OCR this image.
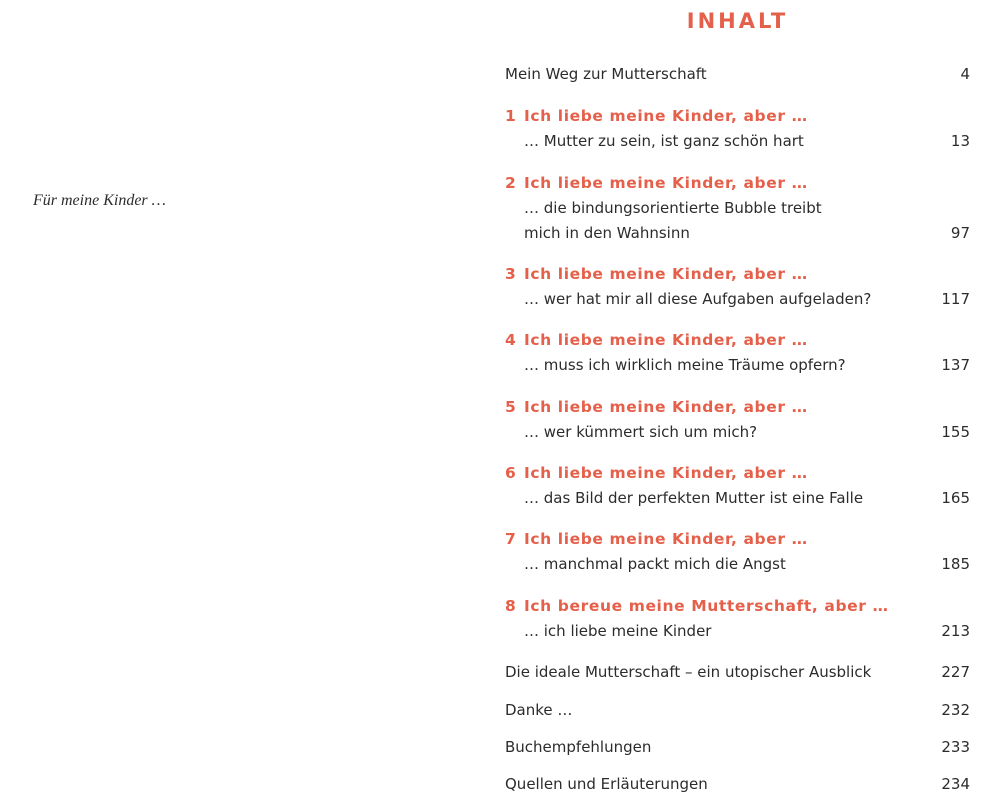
Für meine Kinder …
INHALT
Mein Weg zur Mutterschaft	4
1 Ich liebe meine Kinder, aber …
… Mutter zu sein, ist ganz schön hart	13
2 Ich liebe meine Kinder, aber …
… die bindungsorientierte Bubble treibt
mich in den Wahnsinn	97
3 Ich liebe meine Kinder, aber …
… wer hat mir all diese Aufgaben aufgeladen?	117
4 Ich liebe meine Kinder, aber …
… muss ich wirklich meine Träume opfern?	137
5 Ich liebe meine Kinder, aber …
… wer kümmert sich um mich?	155
6 Ich liebe meine Kinder, aber …
… das Bild der perfekten Mutter ist eine Falle	165
7 Ich liebe meine Kinder, aber …
… manchmal packt mich die Angst	185
8 Ich bereue meine Mutterschaft, aber …
… ich liebe meine Kinder	213
Die ideale Mutterschaft – ein utopischer Ausblick	227
Danke …	232
Buchempfehlungen	233
Quellen und Erläuterungen	234
